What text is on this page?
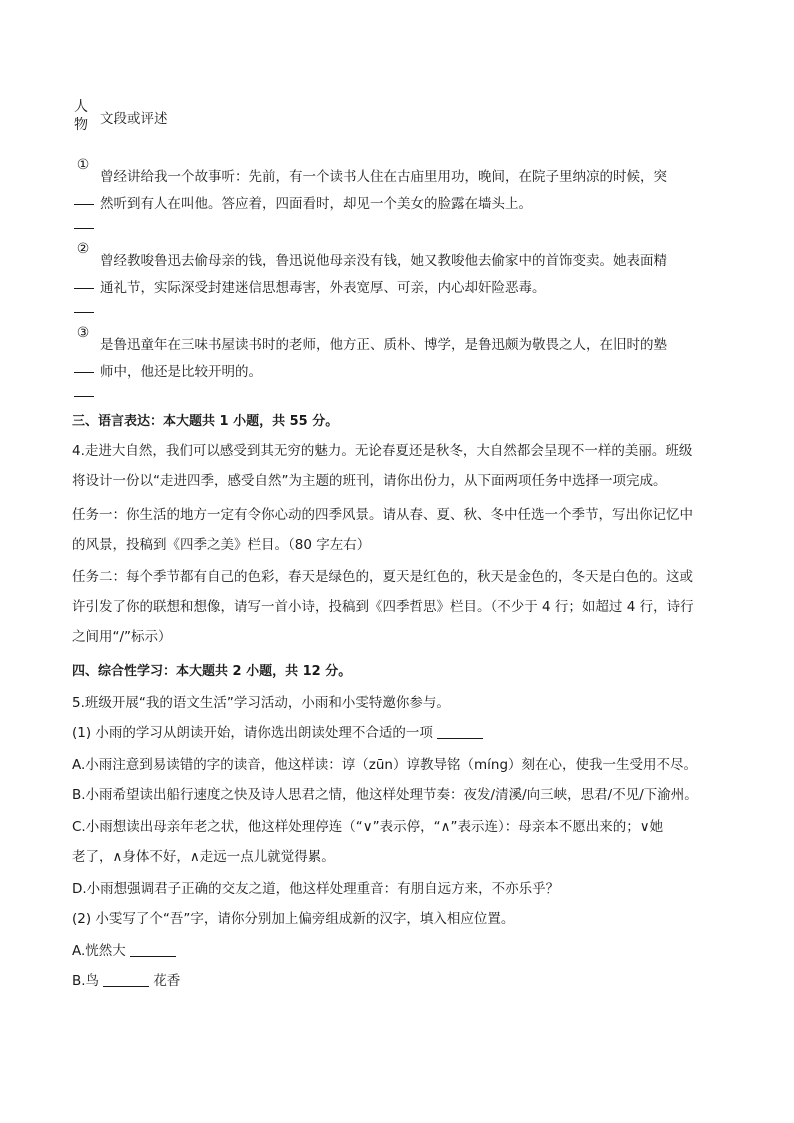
人物 文段或评述
①
曾经讲给我一个故事听：先前，有一个读书人住在古庙里用功，晚间，在院子里纳凉的时候，突
然听到有人在叫他。答应着，四面看时，却见一个美女的脸露在墙头上。
②
曾经教唆鲁迅去偷母亲的钱，鲁迅说他母亲没有钱，她又教唆他去偷家中的首饰变卖。她表面精
通礼节，实际深受封建迷信思想毒害，外表宽厚、可亲，内心却奸险恶毒。
③
是鲁迅童年在三味书屋读书时的老师，他方正、质朴、博学，是鲁迅颇为敬畏之人，在旧时的塾
师中，他还是比较开明的。
三、语言表达：本大题共 1 小题，共 55 分。
4.走进大自然，我们可以感受到其无穷的魅力。无论春夏还是秋冬，大自然都会呈现不一样的美丽。班级
将设计一份以“走进四季，感受自然”为主题的班刊，请你出份力，从下面两项任务中选择一项完成。
任务一：你生活的地方一定有令你心动的四季风景。请从春、夏、秋、冬中任选一个季节，写出你记忆中
的风景，投稿到《四季之美》栏目。（80 字左右）
任务二：每个季节都有自己的色彩，春天是绿色的，夏天是红色的，秋天是金色的，冬天是白色的。这或
许引发了你的联想和想像，请写一首小诗，投稿到《四季哲思》栏目。（不少于 4 行；如超过 4 行，诗行
之间用“/”标示）
四、综合性学习：本大题共 2 小题，共 12 分。
5.班级开展“我的语文生活”学习活动，小雨和小雯特邀你参与。
(1) 小雨的学习从朗读开始，请你选出朗读处理不合适的一项
A.小雨注意到易读错的字的读音，他这样读：谆（zūn）谆教导铭（míng）刻在心，使我一生受用不尽。
B.小雨希望读出船行速度之快及诗人思君之情，他这样处理节奏：夜发/清溪/向三峡，思君/不见/下渝州。
C.小雨想读出母亲年老之状，他这样处理停连（“∨”表示停，“∧”表示连）：母亲本不愿出来的；∨她
老了，∧身体不好，∧走远一点儿就觉得累。
D.小雨想强调君子正确的交友之道，他这样处理重音：有朋自远方来，不亦乐乎？
(2) 小雯写了个“吾”字，请你分别加上偏旁组成新的汉字，填入相应位置。
A.恍然大
B.鸟	花香
